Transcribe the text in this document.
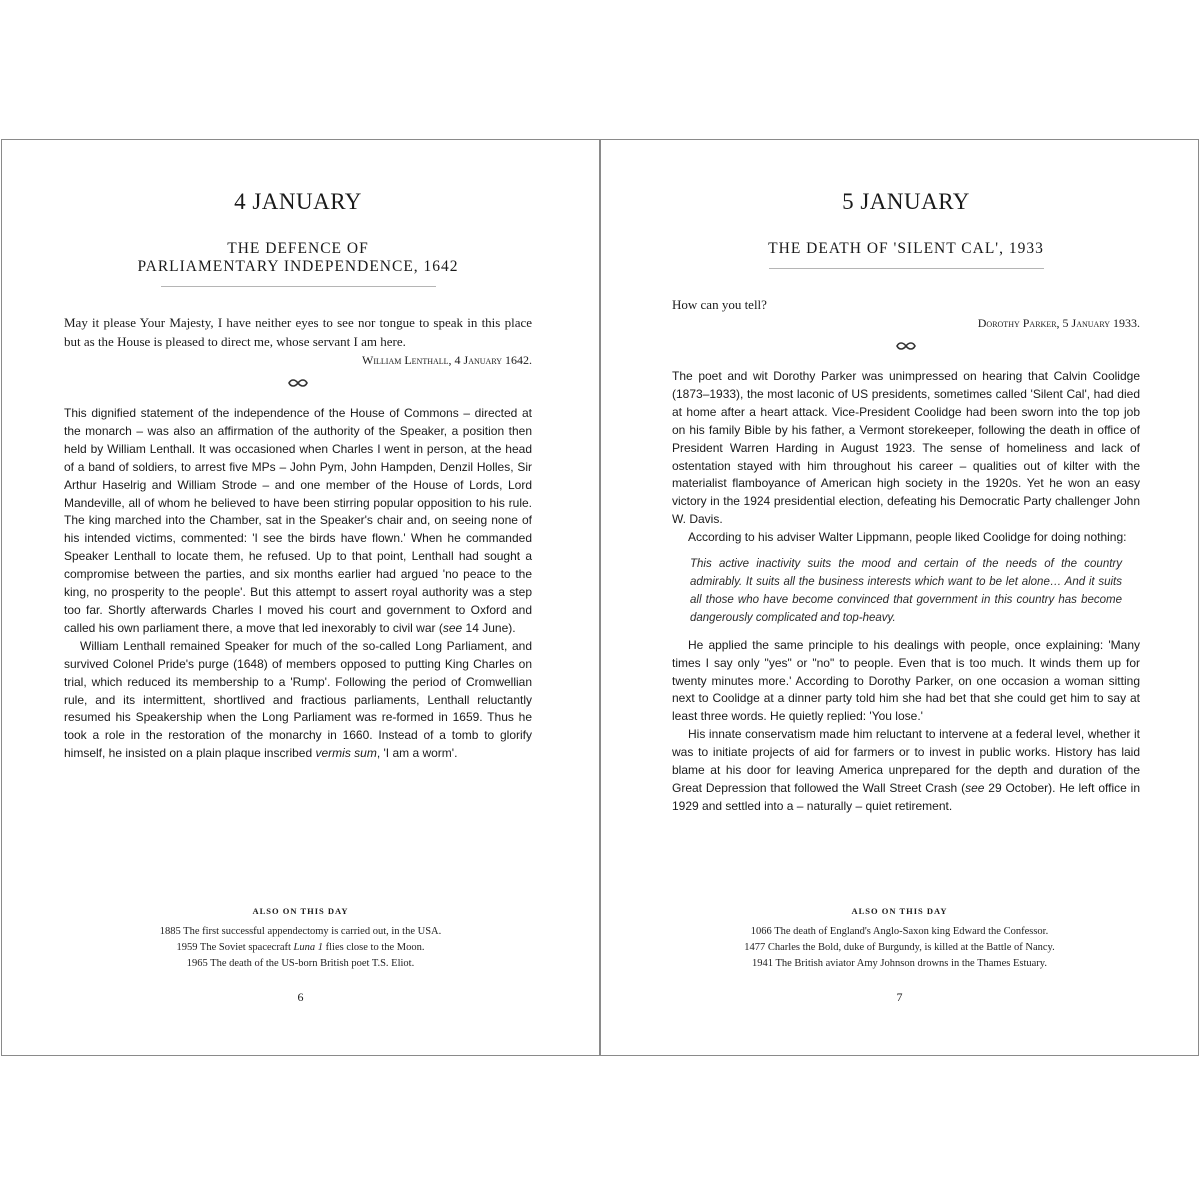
4 JANUARY
THE DEFENCE OF
PARLIAMENTARY INDEPENDENCE, 1642
May it please Your Majesty, I have neither eyes to see nor tongue to speak in this place but as the House is pleased to direct me, whose servant I am here.
William Lenthall, 4 January 1642.

This dignified statement of the independence of the House of Commons – directed at the monarch – was also an affirmation of the authority of the Speaker, a position then held by William Lenthall. It was occasioned when Charles I went in person, at the head of a band of soldiers, to arrest five MPs – John Pym, John Hampden, Denzil Holles, Sir Arthur Haselrig and William Strode – and one member of the House of Lords, Lord Mandeville, all of whom he believed to have been stirring popular opposition to his rule. The king marched into the Chamber, sat in the Speaker's chair and, on seeing none of his intended victims, commented: 'I see the birds have flown.' When he commanded Speaker Lenthall to locate them, he refused. Up to that point, Lenthall had sought a compromise between the parties, and six months earlier had argued 'no peace to the king, no prosperity to the people'. But this attempt to assert royal authority was a step too far. Shortly afterwards Charles I moved his court and government to Oxford and called his own parliament there, a move that led inexorably to civil war (see 14 June).

William Lenthall remained Speaker for much of the so-called Long Parliament, and survived Colonel Pride's purge (1648) of members opposed to putting King Charles on trial, which reduced its membership to a 'Rump'. Following the period of Cromwellian rule, and its intermittent, shortlived and fractious parliaments, Lenthall reluctantly resumed his Speakership when the Long Parliament was re-formed in 1659. Thus he took a role in the restoration of the monarchy in 1660. Instead of a tomb to glorify himself, he insisted on a plain plaque inscribed vermis sum, 'I am a worm'.

ALSO ON THIS DAY
1885 The first successful appendectomy is carried out, in the USA.
1959 The Soviet spacecraft Luna 1 flies close to the Moon.
1965 The death of the US-born British poet T.S. Eliot.
6
5 JANUARY
THE DEATH OF 'SILENT CAL', 1933
How can you tell?
Dorothy Parker, 5 January 1933.

The poet and wit Dorothy Parker was unimpressed on hearing that Calvin Coolidge (1873–1933), the most laconic of US presidents, sometimes called 'Silent Cal', had died at home after a heart attack. Vice-President Coolidge had been sworn into the top job on his family Bible by his father, a Vermont storekeeper, following the death in office of President Warren Harding in August 1923. The sense of homeliness and lack of ostentation stayed with him throughout his career – qualities out of kilter with the materialist flamboyance of American high society in the 1920s. Yet he won an easy victory in the 1924 presidential election, defeating his Democratic Party challenger John W. Davis.

According to his adviser Walter Lippmann, people liked Coolidge for doing nothing:

This active inactivity suits the mood and certain of the needs of the country admirably. It suits all the business interests which want to be let alone… And it suits all those who have become convinced that government in this country has become dangerously complicated and top-heavy.

He applied the same principle to his dealings with people, once explaining: 'Many times I say only "yes" or "no" to people. Even that is too much. It winds them up for twenty minutes more.' According to Dorothy Parker, on one occasion a woman sitting next to Coolidge at a dinner party told him she had bet that she could get him to say at least three words. He quietly replied: 'You lose.'

His innate conservatism made him reluctant to intervene at a federal level, whether it was to initiate projects of aid for farmers or to invest in public works. History has laid blame at his door for leaving America unprepared for the depth and duration of the Great Depression that followed the Wall Street Crash (see 29 October). He left office in 1929 and settled into a – naturally – quiet retirement.

ALSO ON THIS DAY
1066 The death of England's Anglo-Saxon king Edward the Confessor.
1477 Charles the Bold, duke of Burgundy, is killed at the Battle of Nancy.
1941 The British aviator Amy Johnson drowns in the Thames Estuary.
7
